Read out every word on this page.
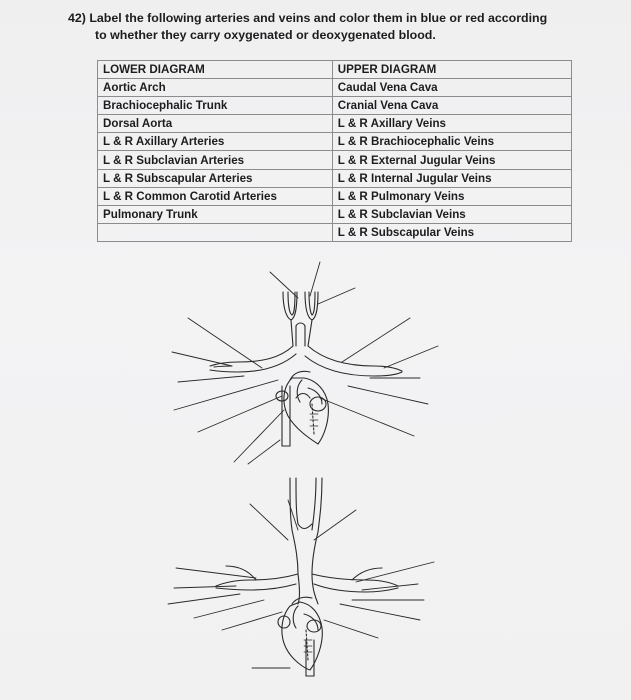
42) Label the following arteries and veins and color them in blue or red according
to whether they carry oxygenated or deoxygenated blood.
LOWER DIAGRAM	UPPER DIAGRAM
Aortic Arch	Caudal Vena Cava
Brachiocephalic Trunk	Cranial Vena Cava
Dorsal Aorta	L & R Axillary Veins
L & R Axillary Arteries	L & R Brachiocephalic Veins
L & R Subclavian Arteries	L & R External Jugular Veins
L & R Subscapular Arteries	L & R Internal Jugular Veins
L & R Common Carotid Arteries	L & R Pulmonary Veins
Pulmonary Trunk	L & R Subclavian Veins
	L & R Subscapular Veins
